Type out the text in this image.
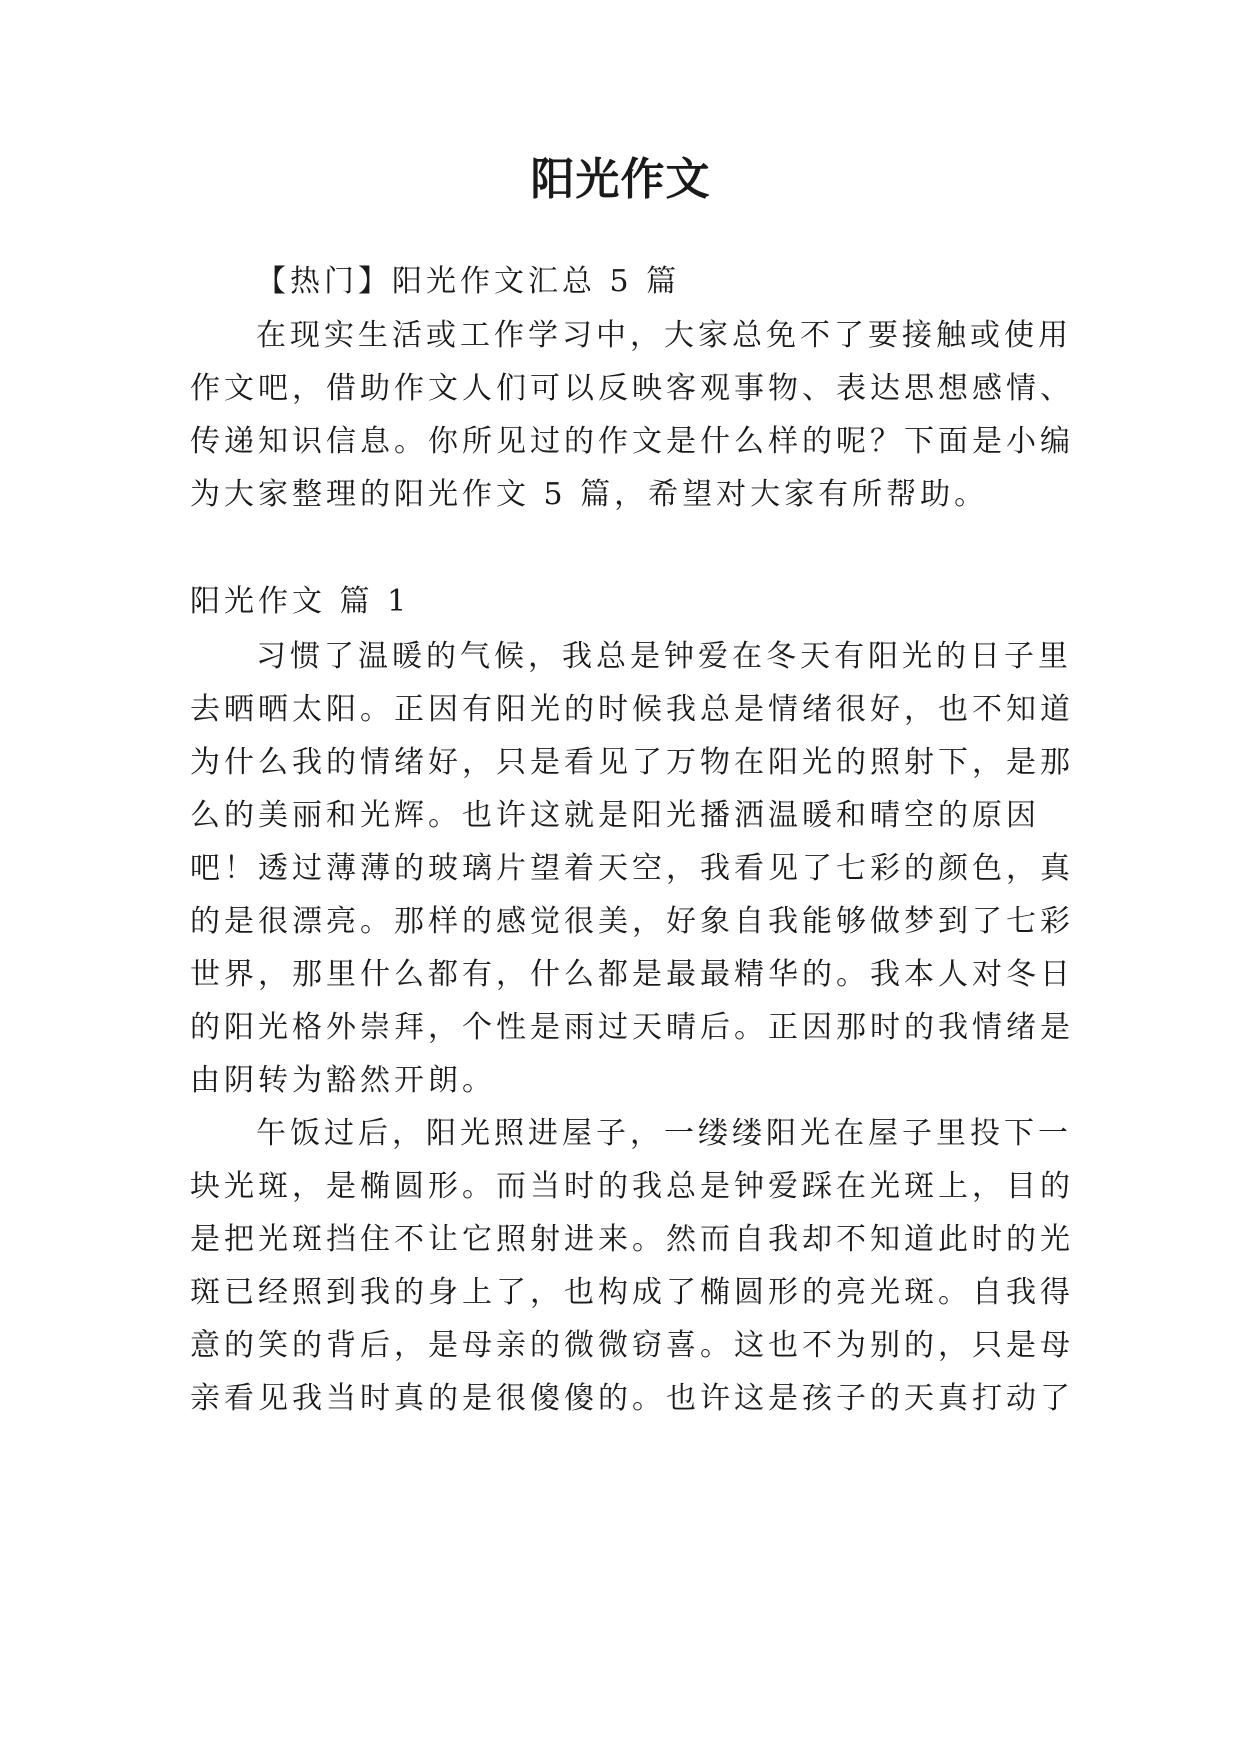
阳光作文
【热门】阳光作文汇总 5 篇
在现实生活或工作学习中，大家总免不了要接触或使用
作文吧，借助作文人们可以反映客观事物、表达思想感情、
传递知识信息。你所见过的作文是什么样的呢？下面是小编
为大家整理的阳光作文 5 篇，希望对大家有所帮助。
阳光作文 篇 1
习惯了温暖的气候，我总是钟爱在冬天有阳光的日子里
去晒晒太阳。正因有阳光的时候我总是情绪很好，也不知道
为什么我的情绪好，只是看见了万物在阳光的照射下，是那
么的美丽和光辉。也许这就是阳光播洒温暖和晴空的原因
吧！透过薄薄的玻璃片望着天空，我看见了七彩的颜色，真
的是很漂亮。那样的感觉很美，好象自我能够做梦到了七彩
世界，那里什么都有，什么都是最最精华的。我本人对冬日
的阳光格外崇拜，个性是雨过天晴后。正因那时的我情绪是
由阴转为豁然开朗。
午饭过后，阳光照进屋子，一缕缕阳光在屋子里投下一
块光斑，是椭圆形。而当时的我总是钟爱踩在光斑上，目的
是把光斑挡住不让它照射进来。然而自我却不知道此时的光
斑已经照到我的身上了，也构成了椭圆形的亮光斑。自我得
意的笑的背后，是母亲的微微窃喜。这也不为别的，只是母
亲看见我当时真的是很傻傻的。也许这是孩子的天真打动了
